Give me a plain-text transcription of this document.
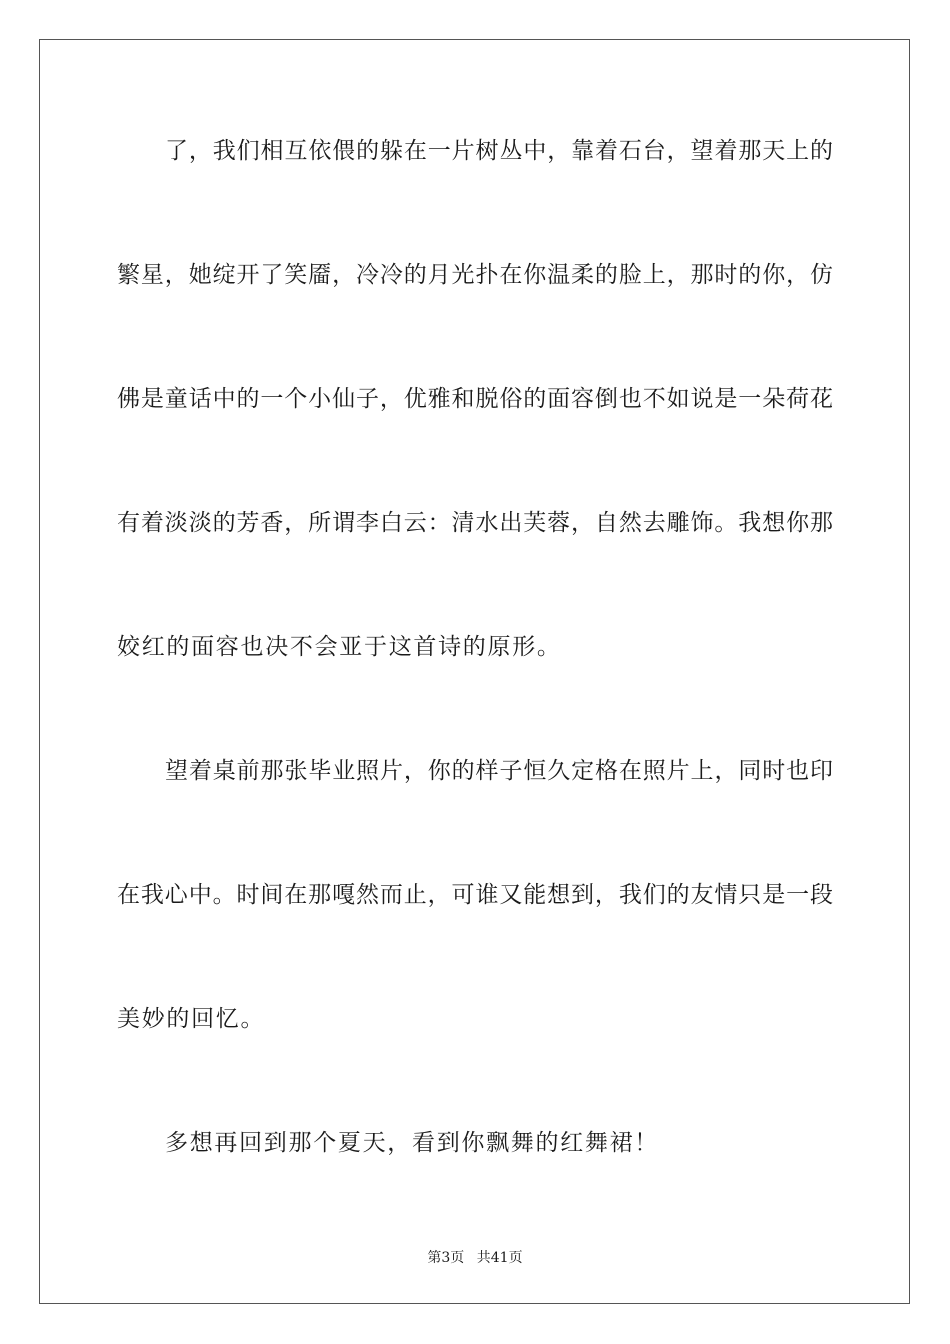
了，我们相互依偎的躲在一片树丛中，靠着石台，望着那天上的

繁星，她绽开了笑靥，冷冷的月光扑在你温柔的脸上，那时的你，仿

佛是童话中的一个小仙子，优雅和脱俗的面容倒也不如说是一朵荷花

有着淡淡的芳香，所谓李白云：清水出芙蓉，自然去雕饰。我想你那

姣红的面容也决不会亚于这首诗的原形。

望着桌前那张毕业照片，你的样子恒久定格在照片上，同时也印

在我心中。时间在那嘎然而止，可谁又能想到，我们的友情只是一段

美妙的回忆。

多想再回到那个夏天，看到你飘舞的红舞裙！

第3页 共41页
